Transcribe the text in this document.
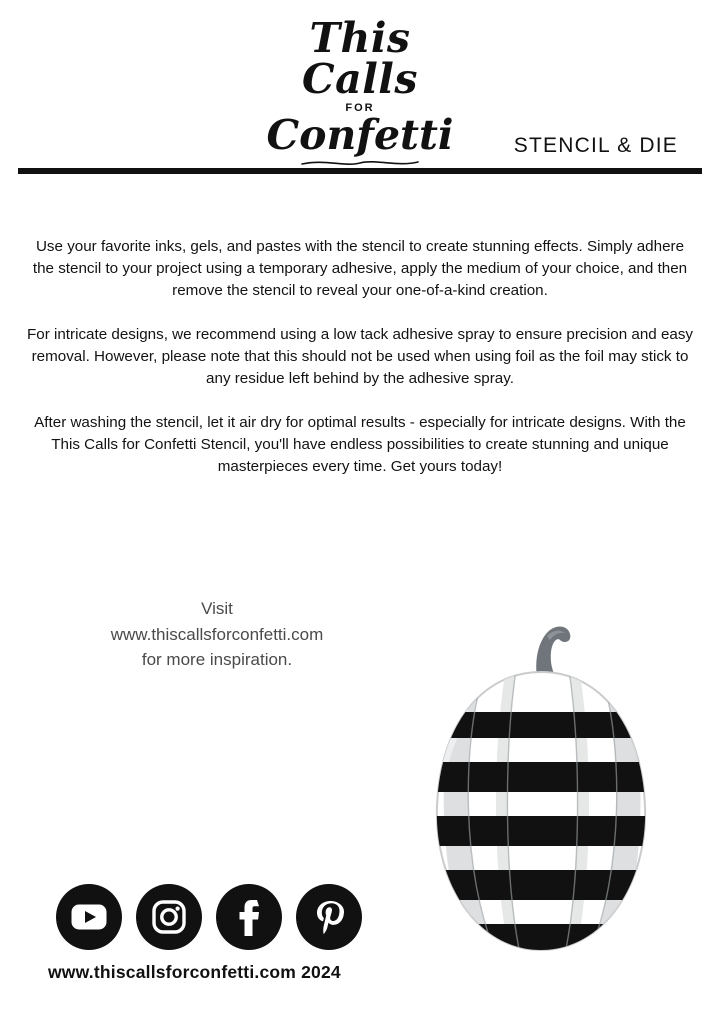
This Calls
FOR
Confetti	STENCIL & DIE

Use your favorite inks, gels, and pastes with the stencil to create stunning effects. Simply adhere the stencil to your project using a temporary adhesive, apply the medium of your choice, and then remove the stencil to reveal your one-of-a-kind creation.

For intricate designs, we recommend using a low tack adhesive spray to ensure precision and easy removal. However, please note that this should not be used when using foil as the foil may stick to any residue left behind by the adhesive spray.

After washing the stencil, let it air dry for optimal results - especially for intricate designs. With the This Calls for Confetti Stencil, you'll have endless possibilities to create stunning and unique masterpieces every time. Get yours today!

Visit
www.thiscallsforconfetti.com
for more inspiration.
www.thiscallsforconfetti.com 2024
